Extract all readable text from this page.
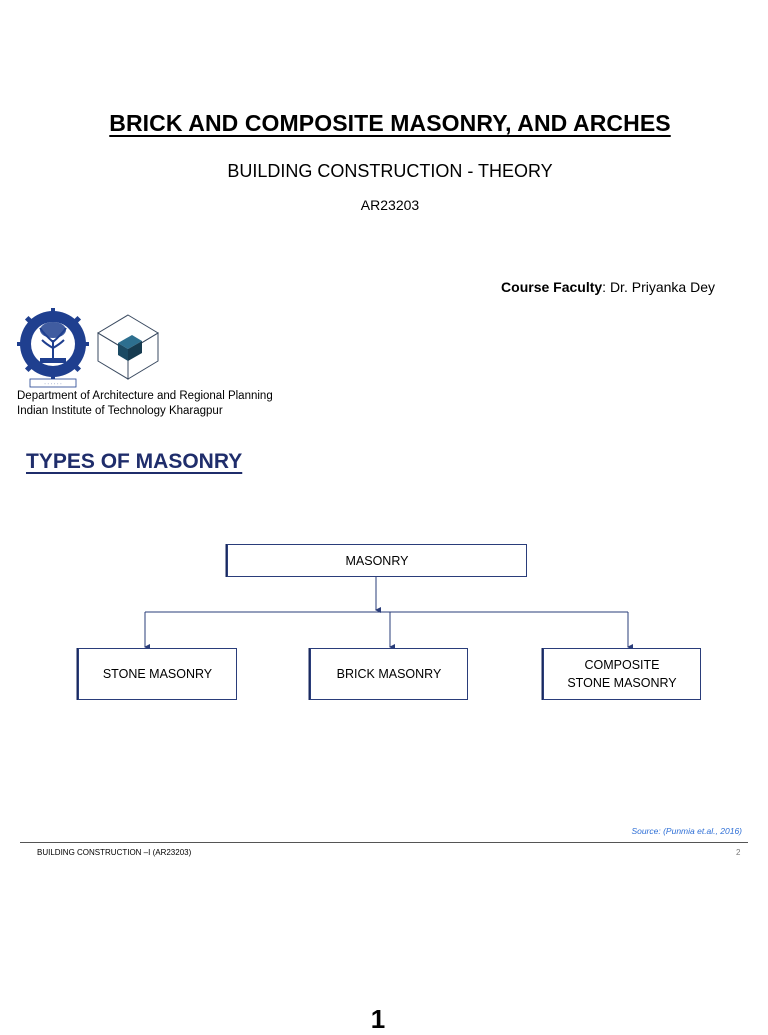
BRICK AND COMPOSITE MASONRY, AND ARCHES
BUILDING CONSTRUCTION - THEORY
AR23203
Course Faculty: Dr. Priyanka Dey
· · · · · ·
Department of Architecture and Regional Planning
Indian Institute of Technology Kharagpur
TYPES OF MASONRY
MASONRY
STONE MASONRY	BRICK MASONRY
COMPOSITE
STONE MASONRY
Source: (Punmia et.al., 2016)
BUILDING CONSTRUCTION –I (AR23203)	2
1
